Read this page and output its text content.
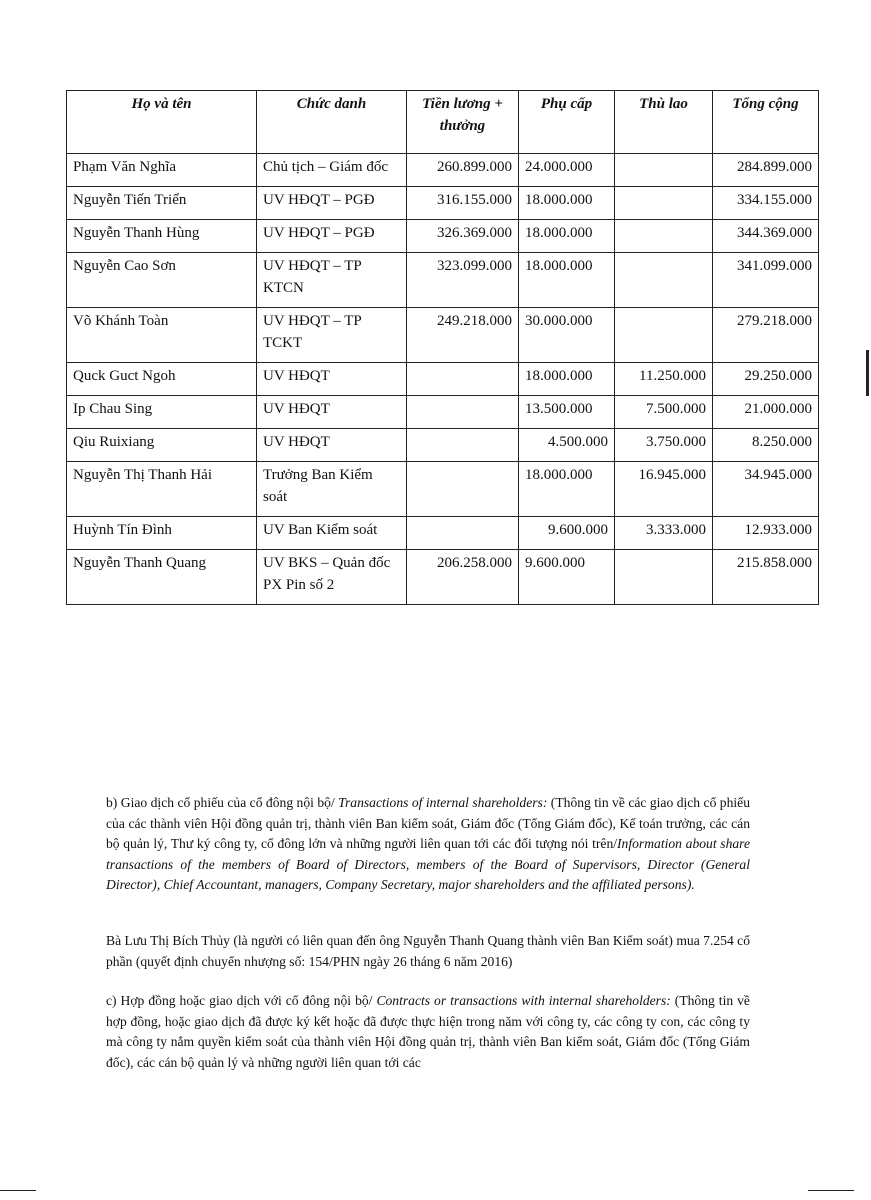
Họ và tên	Chức danh	Tiền lương + thưởng	Phụ cấp	Thù lao	Tổng cộng
Phạm Văn Nghĩa	Chủ tịch – Giám đốc	260.899.000	24.000.000		284.899.000
Nguyễn Tiến Triển	UV HĐQT – PGĐ	316.155.000	18.000.000		334.155.000
Nguyễn Thanh Hùng	UV HĐQT – PGĐ	326.369.000	18.000.000		344.369.000
Nguyễn Cao Sơn	UV HĐQT – TP KTCN	323.099.000	18.000.000		341.099.000
Võ Khánh Toàn	UV HĐQT – TP TCKT	249.218.000	30.000.000		279.218.000
Quck Guct Ngoh	UV HĐQT		18.000.000	11.250.000	29.250.000
Ip Chau Sing	UV HĐQT		13.500.000	7.500.000	21.000.000
Qiu Ruixiang	UV HĐQT		4.500.000	3.750.000	8.250.000
Nguyễn Thị Thanh Hải	Trưởng Ban Kiểm soát		18.000.000	16.945.000	34.945.000
Huỳnh Tín Đình	UV Ban Kiểm soát		9.600.000	3.333.000	12.933.000
Nguyễn Thanh Quang	UV BKS – Quản đốc PX Pin số 2	206.258.000	9.600.000		215.858.000
b) Giao dịch cổ phiếu của cổ đông nội bộ/ Transactions of internal shareholders: (Thông tin về các giao dịch cổ phiếu của các thành viên Hội đồng quản trị, thành viên Ban kiểm soát, Giám đốc (Tổng Giám đốc), Kế toán trưởng, các cán bộ quản lý, Thư ký công ty, cổ đông lớn và những người liên quan tới các đối tượng nói trên/Information about share transactions of the members of Board of Directors, members of the Board of Supervisors, Director (General Director), Chief Accountant, managers, Company Secretary, major shareholders and the affiliated persons).
Bà Lưu Thị Bích Thủy (là người có liên quan đến ông Nguyễn Thanh Quang thành viên Ban Kiểm soát) mua 7.254 cổ phần (quyết định chuyển nhượng số: 154/PHN ngày 26 tháng 6 năm 2016)
c) Hợp đồng hoặc giao dịch với cổ đông nội bộ/ Contracts or transactions with internal shareholders: (Thông tin về hợp đồng, hoặc giao dịch đã được ký kết hoặc đã được thực hiện trong năm với công ty, các công ty con, các công ty mà công ty nắm quyền kiểm soát của thành viên Hội đồng quản trị, thành viên Ban kiểm soát, Giám đốc (Tổng Giám đốc), các cán bộ quản lý và những người liên quan tới các
